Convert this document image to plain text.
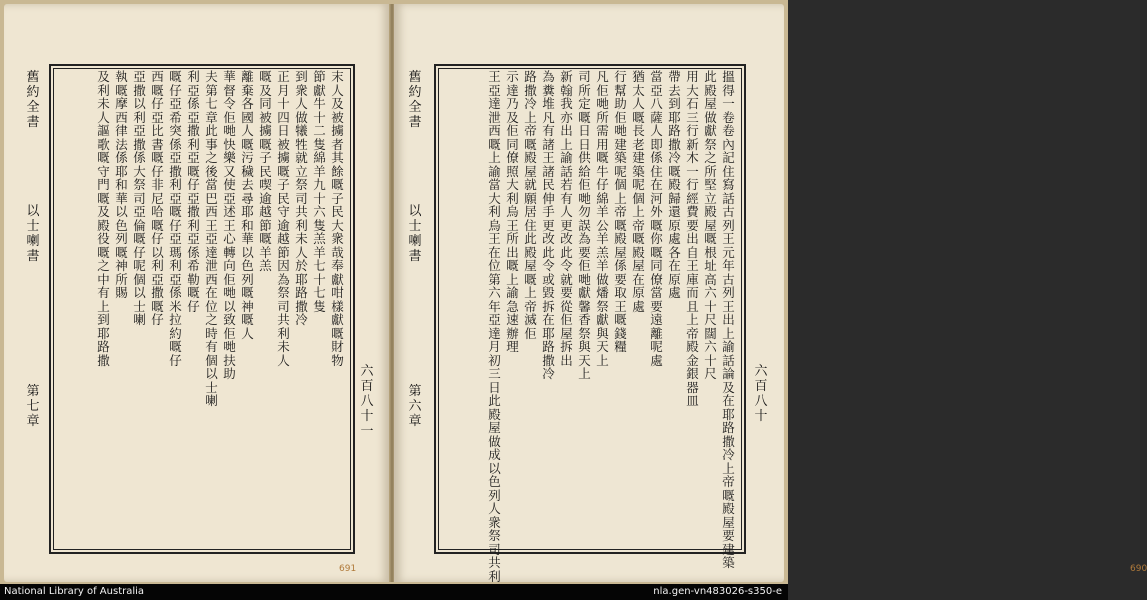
舊
約
全
書
以
士
喇
書
第
七
章
六
百
八
十
一
末
人
及
被
擄
者
其
餘
嘅
子
民
大
衆
哉
奉
獻
咁
樣
獻
嘅
財
物
節
獻
牛
十
二
隻
綿
羊
九
十
六
隻
羔
羊
七
十
七
隻
到
衆
人
做
犧
牲
就
立
祭
司
共
利
未
人
於
耶
路
撒
冷
正
月
十
四
日
被
擄
嘅
子
民
守
逾
越
節
因
為
祭
司
共
利
未
人
嘅
及
同
被
擄
嘅
子
民
喫
逾
越
節
嘅
羊
羔
離
棄
各
國
人
嘅
污
穢
去
尋
耶
和
華
以
色
列
嘅
神
嘅
人
華
督
令
佢
哋
快
樂
又
使
亞
述
王
心
轉
向
佢
哋
以
致
佢
哋
扶
助
夫
第
七
章
此
事
之
後
當
巴
西
王
亞
達
泄
西
在
位
之
時
有
個
以
士
喇
利
亞
係
亞
撒
利
亞
嘅
仔
亞
撒
利
亞
係
希
勒
嘅
仔
嘅
仔
亞
希
突
係
亞
撒
利
亞
嘅
仔
亞
瑪
利
亞
係
米
拉
約
嘅
仔
西
嘅
仔
亞
比
書
嘅
仔
非
尼
哈
嘅
仔
以
利
亞
撒
嘅
仔
亞
撒
以
利
亞
撒
係
大
祭
司
亞
倫
嘅
仔
呢
個
以
士
喇
執
嘅
摩
西
律
法
係
耶
和
華
以
色
列
嘅
神
所
賜
及
利
未
人
謳
歌
嘅
守
門
嘅
及
殿
役
嘅
之
中
有
上
到
耶
路
撒
691
舊
約
全
書
以
士
喇
書
第
六
章
六
百
八
十
搵
得
一
卷
卷
內
記
住
寫
話
古
列
王
元
年
古
列
王
出
上
諭
話
論
及
在
耶
路
撒
冷
上
帝
嘅
殿
屋
要
建
築
此
殿
屋
做
獻
祭
之
所
堅
立
殿
屋
嘅
根
址
高
六
十
尺
闊
六
十
尺
用
大
石
三
行
新
木
一
行
經
費
要
出
自
王
庫
而
且
上
帝
殿
金
銀
器
皿
帶
去
到
耶
路
撒
冷
嘅
殿
歸
還
原
處
各
在
原
處
當
亞
八
薩
人
即
係
住
在
河
外
嘅
你
嘅
同
僚
當
要
遠
離
呢
處
猶
太
人
嘅
長
老
建
築
呢
個
上
帝
嘅
殿
屋
在
原
處
行
幫
助
佢
哋
建
築
呢
個
上
帝
嘅
殿
屋
係
要
取
王
嘅
錢
糧
凡
佢
哋
所
需
用
嘅
牛
仔
綿
羊
公
羊
羔
羊
做
燔
祭
獻
與
天
上
司
所
定
嘅
日
日
供
給
佢
哋
勿
誤
為
要
佢
哋
獻
馨
香
祭
與
天
上
新
翰
我
亦
出
上
諭
話
若
有
人
更
改
此
令
就
要
從
佢
屋
拆
出
為
糞
堆
凡
有
諸
王
諸
民
伸
手
更
改
此
令
或
毀
拆
在
耶
路
撒
冷
路
撒
冷
上
帝
嘅
殿
屋
就
願
居
住
此
殿
屋
嘅
上
帝
滅
佢
示
達
乃
及
佢
同
僚
照
大
利
烏
王
所
出
嘅
上
諭
急
速
辦
理
王
亞
達
泄
西
嘅
上
諭
當
大
利
烏
王
在
位
第
六
年
亞
達
月
初
三
日
此
殿
屋
做
成
以
色
列
人
衆
祭
司
共
利	690
National Library of Australia	nla.gen-vn483026-s350-e
